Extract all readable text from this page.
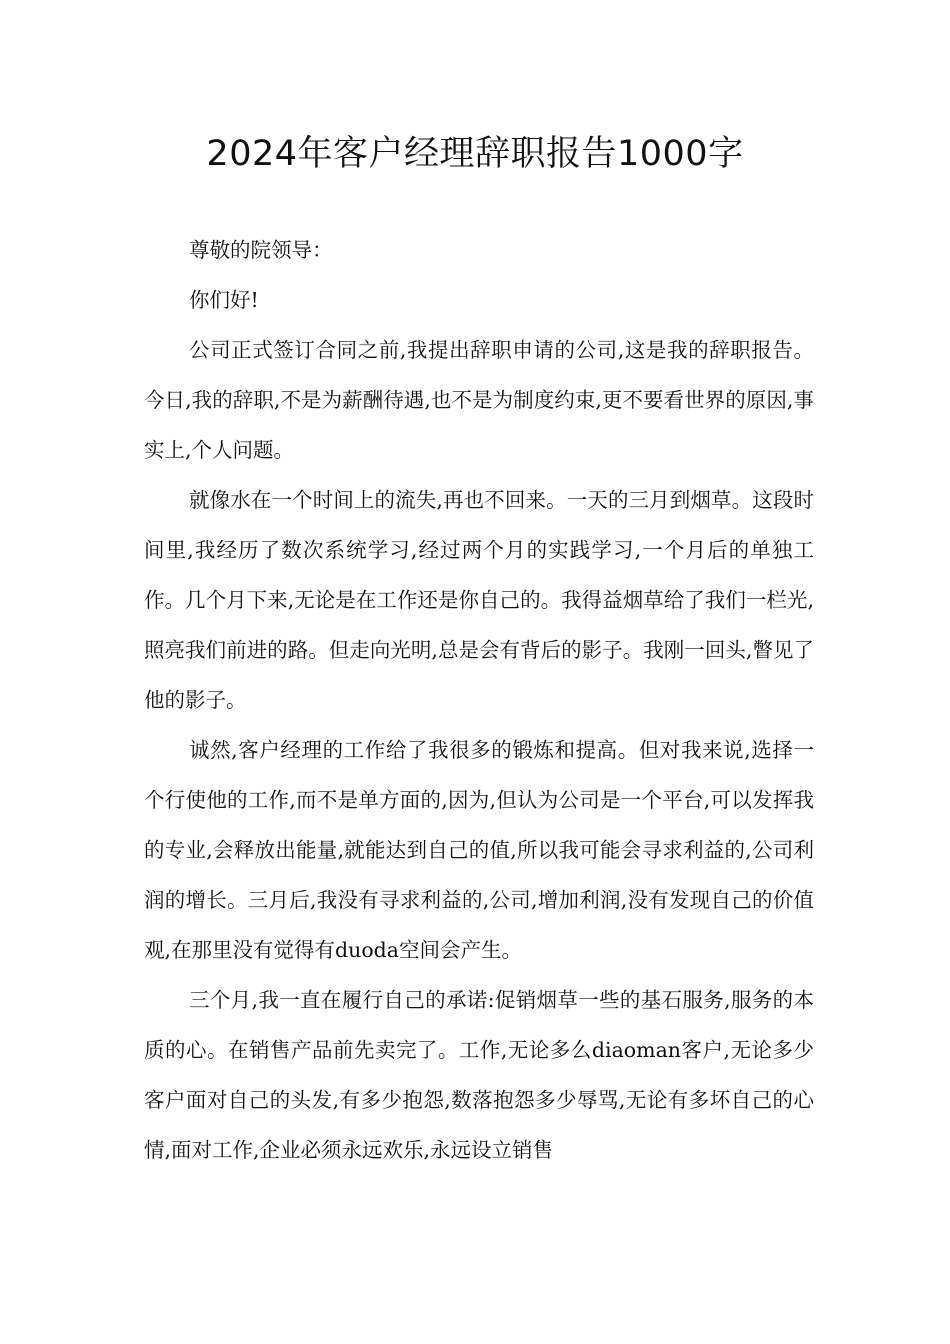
2024年客户经理辞职报告1000字

尊敬的院领导：

你们好!

公司正式签订合同之前,我提出辞职申请的公司,这是我的辞职报告。今日,我的辞职,不是为薪酬待遇,也不是为制度约束,更不要看世界的原因,事实上,个人问题。

就像水在一个时间上的流失,再也不回来。一天的三月到烟草。这段时间里,我经历了数次系统学习,经过两个月的实践学习,一个月后的单独工作。几个月下来,无论是在工作还是你自己的。我得益烟草给了我们一栏光,照亮我们前进的路。但走向光明,总是会有背后的影子。我刚一回头,瞥见了他的影子。

诚然,客户经理的工作给了我很多的锻炼和提高。但对我来说,选择一个行使他的工作,而不是单方面的,因为,但认为公司是一个平台,可以发挥我的专业,会释放出能量,就能达到自己的值,所以我可能会寻求利益的,公司利润的增长。三月后,我没有寻求利益的,公司,增加利润,没有发现自己的价值观,在那里没有觉得有duoda空间会产生。

三个月,我一直在履行自己的承诺:促销烟草一些的基石服务,服务的本质的心。在销售产品前先卖完了。工作,无论多么diaoman客户,无论多少客户面对自己的头发,有多少抱怨,数落抱怨多少辱骂,无论有多坏自己的心情,面对工作,企业必须永远欢乐,永远设立销售
